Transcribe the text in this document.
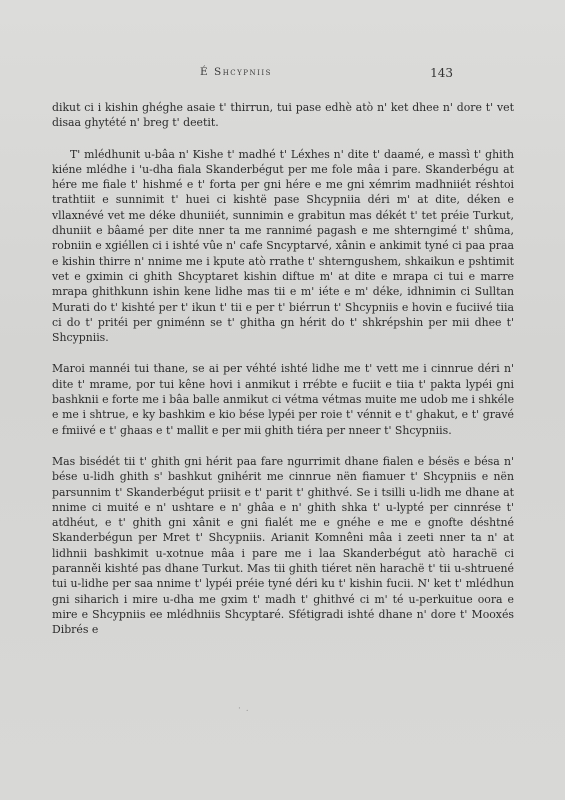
É Shcypniis	143

dikut ci i kishin ghéghe asaie t' thirrun, tui pase edhè atò n' ket dhee n' dore t' vet disaa ghytété n' breg t' deetit.

T' mlédhunit u-bâa n' Kishe t' madhé t' Léxhes n' dite t' daamé, e massì t' ghith kiéne mlédhe i 'u-dha fiala Skanderbégut per me fole mâa i pare. Skanderbégu at hére me fiale t' hishmé e t' forta per gni hére e me gni xémrim madhniiét réshtoi trathtiit e sunnimit t' huei ci kishtë pase Shcypniia déri m' at dite, déken e vllaxnévé vet me déke dhuniiét, sunnimin e grabitun mas dékét t' tet préie Turkut, dhuniit e bâamé per dite nner ta me rannimé pagash e me shterngimé t' shûma, robniin e xgiéllen ci i ishté vûe n' cafe Sncyptarvé, xânin e ankimit tyné ci paa praa e kishin thirre n' nnime me i kpute atò rrathe t' shterngushem, shkaikun e pshtimit vet e gximin ci ghith Shcyptaret kishin diftue m' at dite e mrapa ci tui e marre mrapa ghithkunn ishin kene lidhe mas tii e m' iéte e m' déke, idhnimin ci Sulltan Murati do t' kishté per t' ikun t' tii e per t' biérrun t' Shcypniis e hovin e fuciivé tiia ci do t' pritéi per gniménn se t' ghitha gn hérit do t' shkrépshin per mii dhee t' Shcypniis.

Maroi mannéi tui thane, se ai per véhté ishté lidhe me t' vett me i cinnrue déri n' dite t' mrame, por tui kêne hovi i anmikut i rrébte e fuciit e tiia t' pakta lypéi gni bashknii e forte me i bâa balle anmikut ci vétma vétmas muite me udob me i shkéle e me i shtrue, e ky bashkim e kio bése lypéi per roie t' vénnit e t' ghakut, e t' gravé e fmiivé e t' ghaas e t' mallit e per mii ghith tiéra per nneer t' Shcypniis.

Mas bisédét tii t' ghith gni hérit paa fare ngurrimit dhane fialen e bésës e bésa n' bése u-lidh ghith s' bashkut gnihérit me cinnrue nën fiamuer t' Shcypniis e nën parsunnim t' Skanderbégut priisit e t' parit t' ghithvé. Se i tsilli u-lidh me dhane at nnime ci muité e n' ushtare e n' ghâa e n' ghith shka t' u-lypté per cinnrése t' atdhéut, e t' ghith gni xânit e gni fialét me e gnéhe e me e gnofte déshtné Skanderbégun per Mret t' Shcypniis. Arianit Komnêni mâa i zeeti nner ta n' at lidhnii bashkimit u-xotnue mâa i pare me i laa Skanderbégut atò harachë ci paranněi kishté pas dhane Turkut. Mas tii ghith tiéret nën harachë t' tii u-shtruené tui u-lidhe per saa nnime t' lypéi préie tyné déri ku t' kishin fucii. N' ket t' mlédhun gni siharich i mire u-dha me gxim t' madh t' ghithvé ci m' té u-perkuitue oora e mire e Shcypniis ee mlédhniis Shcyptaré. Sfétigradi ishté dhane n' dore t' Mooxés Dibrés e

· .
